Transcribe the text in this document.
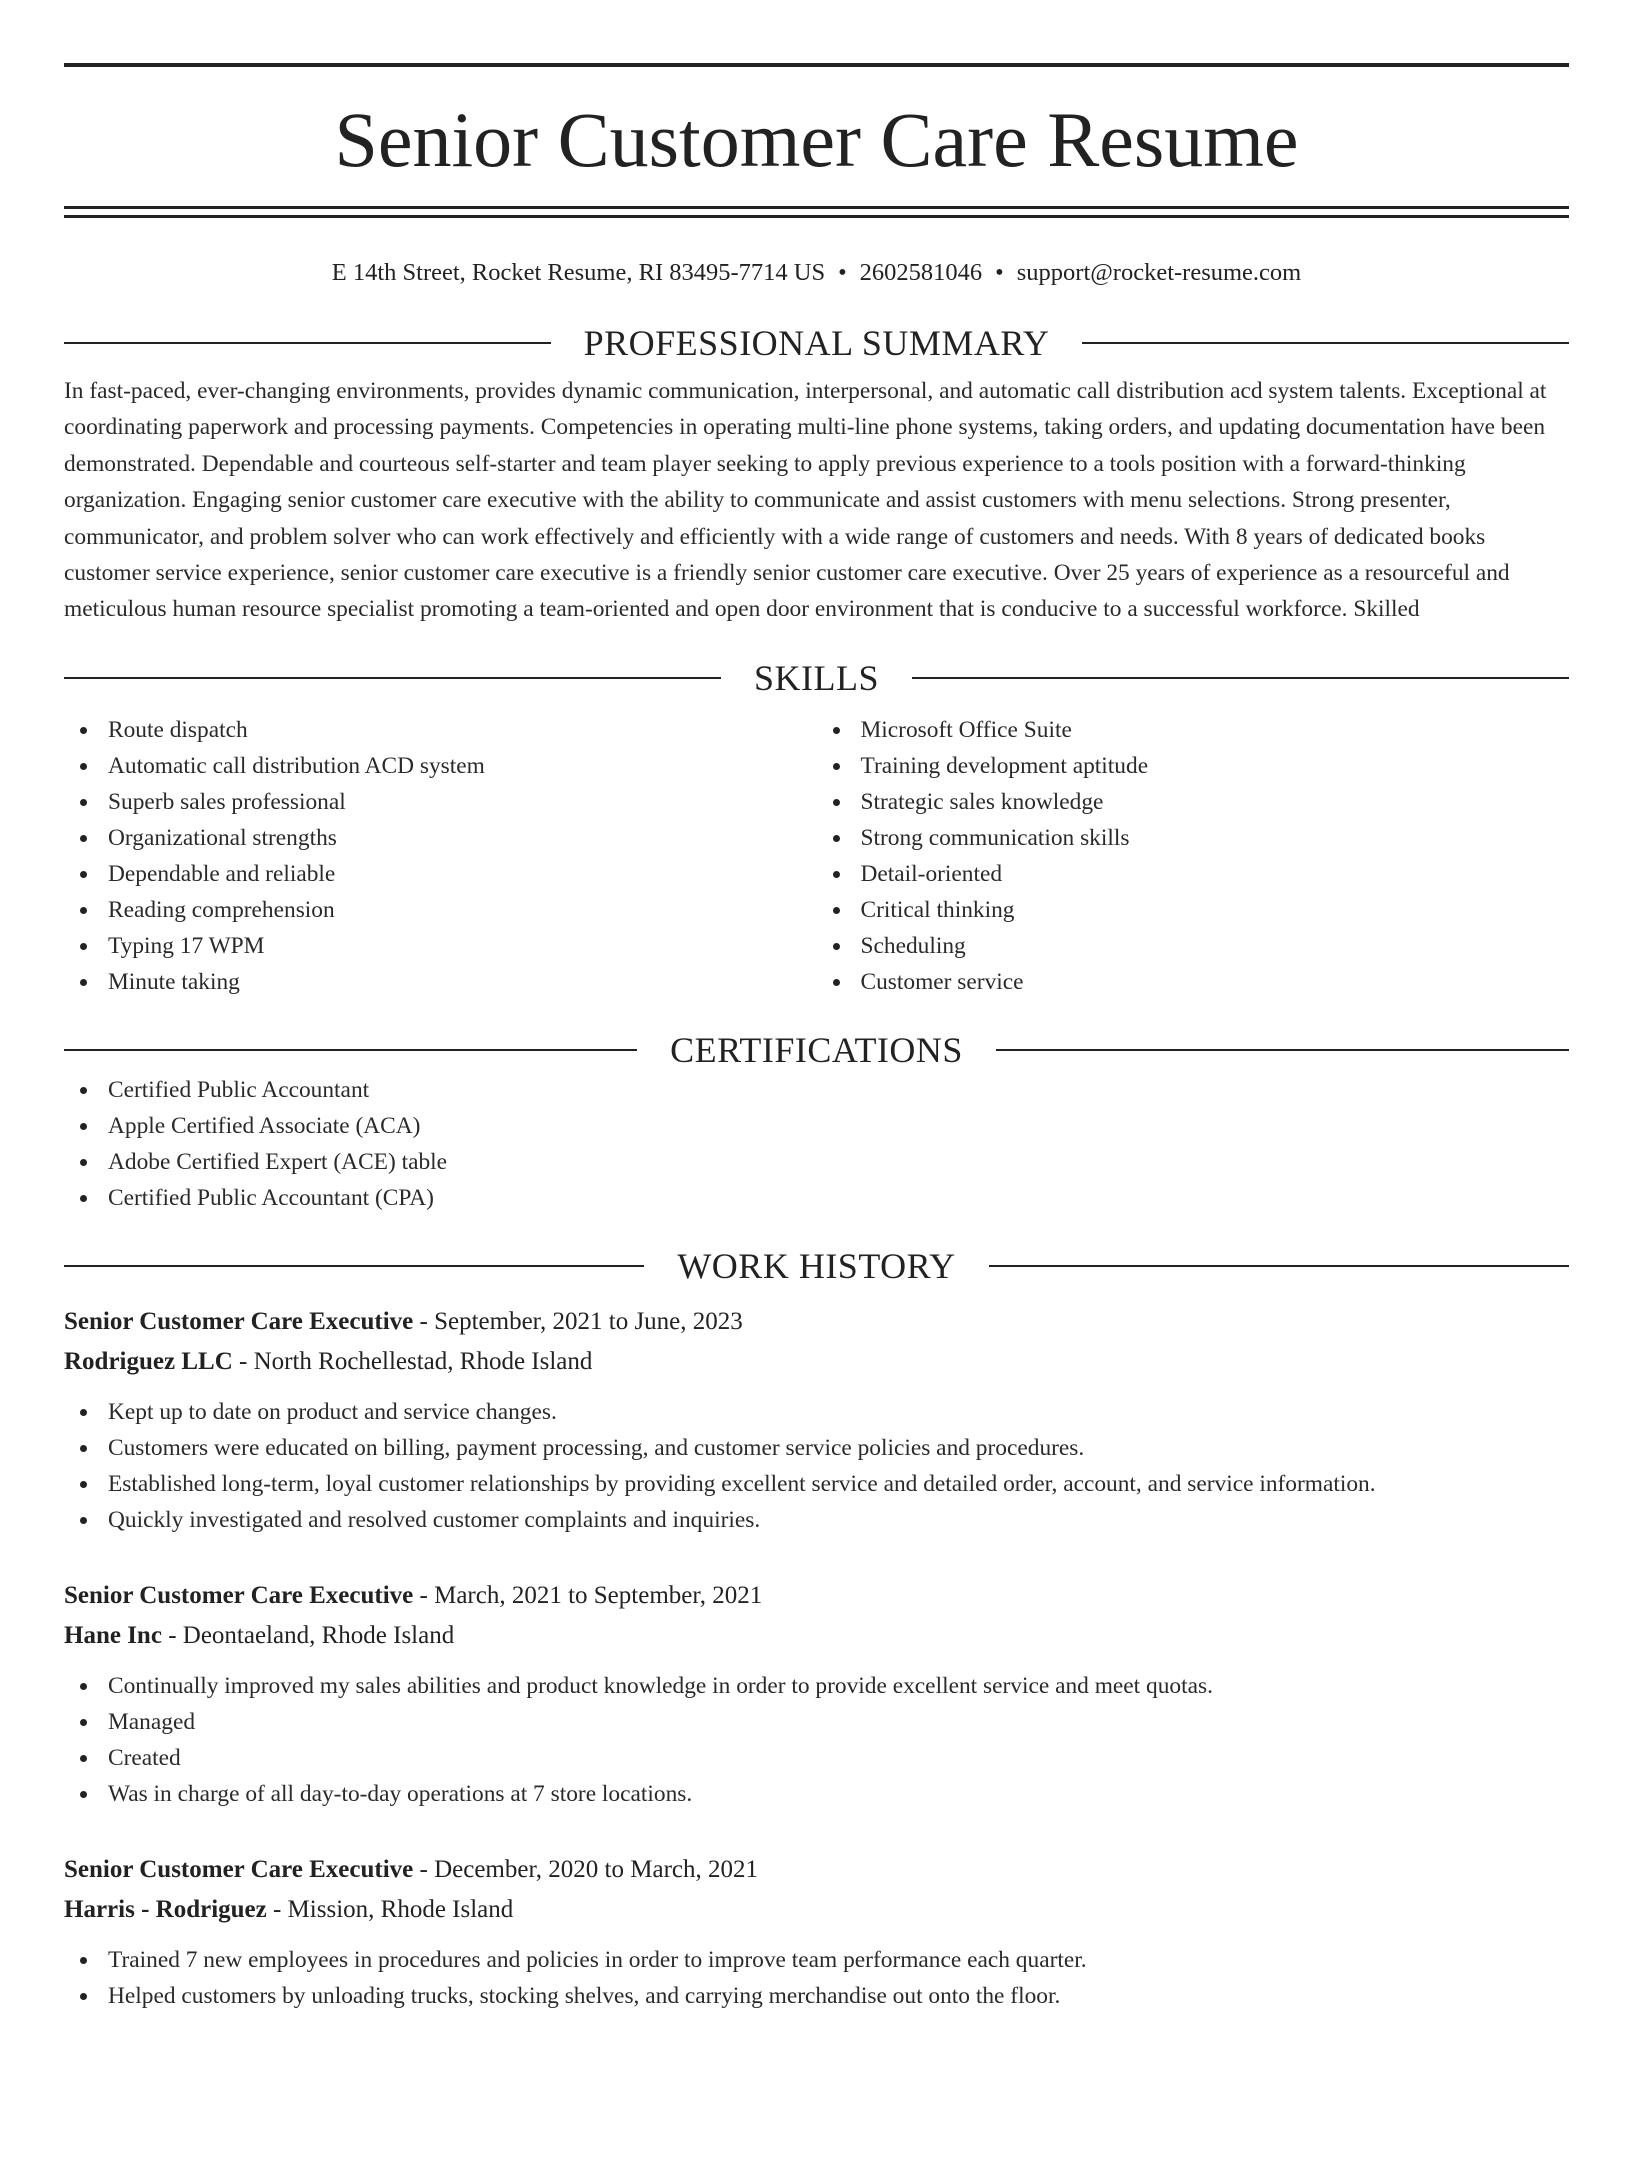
Senior Customer Care Resume
E 14th Street, Rocket Resume, RI 83495-7714 US • 2602581046 • support@rocket-resume.com
PROFESSIONAL SUMMARY
In fast-paced, ever-changing environments, provides dynamic communication, interpersonal, and automatic call distribution acd system talents. Exceptional at coordinating paperwork and processing payments. Competencies in operating multi-line phone systems, taking orders, and updating documentation have been demonstrated. Dependable and courteous self-starter and team player seeking to apply previous experience to a tools position with a forward-thinking organization. Engaging senior customer care executive with the ability to communicate and assist customers with menu selections. Strong presenter, communicator, and problem solver who can work effectively and efficiently with a wide range of customers and needs. With 8 years of dedicated books customer service experience, senior customer care executive is a friendly senior customer care executive. Over 25 years of experience as a resourceful and meticulous human resource specialist promoting a team-oriented and open door environment that is conducive to a successful workforce. Skilled
SKILLS
Route dispatch
Automatic call distribution ACD system
Superb sales professional
Organizational strengths
Dependable and reliable
Reading comprehension
Typing 17 WPM
Minute taking
Microsoft Office Suite
Training development aptitude
Strategic sales knowledge
Strong communication skills
Detail-oriented
Critical thinking
Scheduling
Customer service
CERTIFICATIONS
Certified Public Accountant
Apple Certified Associate (ACA)
Adobe Certified Expert (ACE) table
Certified Public Accountant (CPA)
WORK HISTORY
Senior Customer Care Executive - September, 2021 to June, 2023
Rodriguez LLC - North Rochellestad, Rhode Island
Kept up to date on product and service changes.
Customers were educated on billing, payment processing, and customer service policies and procedures.
Established long-term, loyal customer relationships by providing excellent service and detailed order, account, and service information.
Quickly investigated and resolved customer complaints and inquiries.
Senior Customer Care Executive - March, 2021 to September, 2021
Hane Inc - Deontaeland, Rhode Island
Continually improved my sales abilities and product knowledge in order to provide excellent service and meet quotas.
Managed
Created
Was in charge of all day-to-day operations at 7 store locations.
Senior Customer Care Executive - December, 2020 to March, 2021
Harris - Rodriguez - Mission, Rhode Island
Trained 7 new employees in procedures and policies in order to improve team performance each quarter.
Helped customers by unloading trucks, stocking shelves, and carrying merchandise out onto the floor.
